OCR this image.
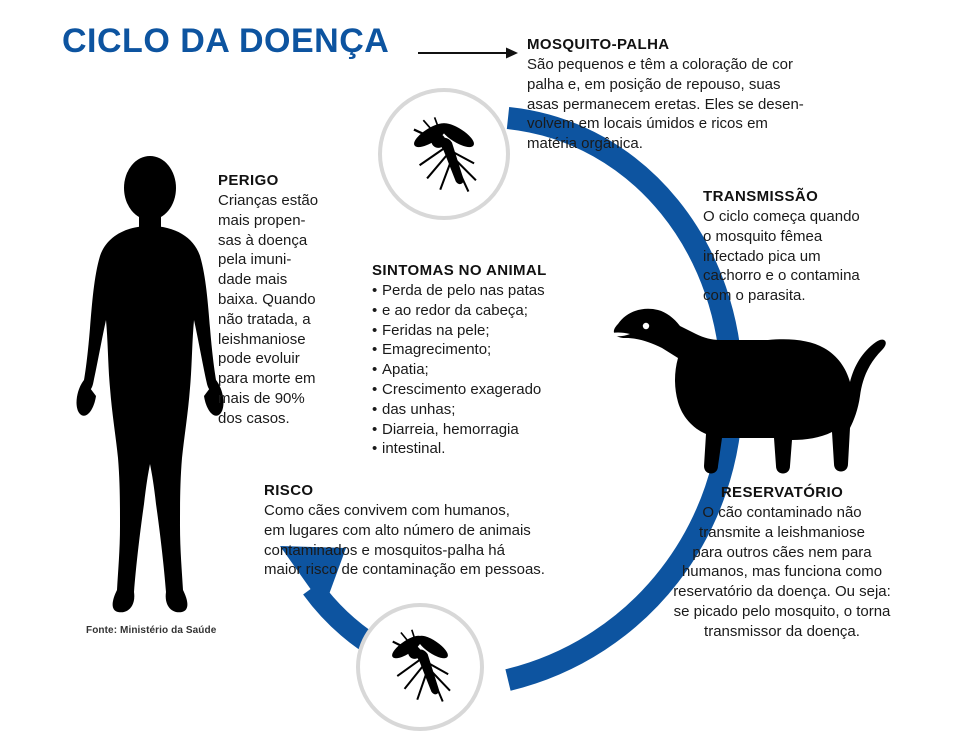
CICLO DA DOENÇA	MOSQUITO-PALHA
São pequenos e têm a coloração de cor
palha e, em posição de repouso, suas
asas permanecem eretas. Eles se desen-
volvem em locais úmidos e ricos em
matéria orgânica.
TRANSMISSÃO
O ciclo começa quando
o mosquito fêmea
infectado pica um
cachorro e o contamina
com o parasita.
RESERVATÓRIO
O cão contaminado não
transmite a leishmaniose
para outros cães nem para
humanos, mas funciona como
reservatório da doença. Ou seja:
se picado pelo mosquito, o torna
transmissor da doença.
RISCO
Como cães convivem com humanos,
em lugares com alto número de animais
contaminados e mosquitos-palha há
maior risco de contaminação em pessoas.
PERIGO
Crianças estão
mais propen-
sas à doença
pela imuni-
dade mais
baixa. Quando
não tratada, a
leishmaniose
pode evoluir
para morte em
mais de 90%
dos casos.
SINTOMAS NO ANIMAL
• Perda de pelo nas patas
• e ao redor da cabeça;
• Feridas na pele;
• Emagrecimento;
• Apatia;
• Crescimento exagerado
• das unhas;
• Diarreia, hemorragia
• intestinal.
Fonte: Ministério da Saúde
